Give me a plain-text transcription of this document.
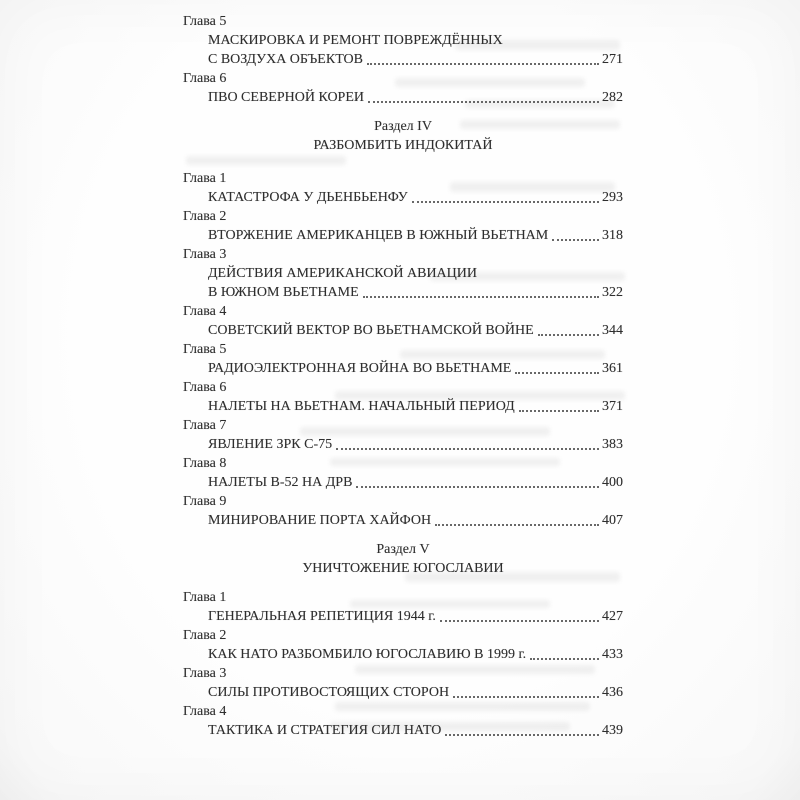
Глава 5
МАСКИРОВКА И РЕМОНТ ПОВРЕЖДЁННЫХ
С ВОЗДУХА ОБЪЕКТОВ	271
Глава 6
ПВО СЕВЕРНОЙ КОРЕИ	282
Раздел IV
РАЗБОМБИТЬ ИНДОКИТАЙ
Глава 1
КАТАСТРОФА У ДЬЕНБЬЕНФУ	293
Глава 2
ВТОРЖЕНИЕ АМЕРИКАНЦЕВ В ЮЖНЫЙ ВЬЕТНАМ	318
Глава 3
ДЕЙСТВИЯ АМЕРИКАНСКОЙ АВИАЦИИ
В ЮЖНОМ ВЬЕТНАМЕ	322
Глава 4
СОВЕТСКИЙ ВЕКТОР ВО ВЬЕТНАМСКОЙ ВОЙНЕ	344
Глава 5
РАДИОЭЛЕКТРОННАЯ ВОЙНА ВО ВЬЕТНАМЕ	361
Глава 6
НАЛЕТЫ НА ВЬЕТНАМ. НАЧАЛЬНЫЙ ПЕРИОД	371
Глава 7
ЯВЛЕНИЕ ЗРК С-75	383
Глава 8
НАЛЕТЫ В-52 НА ДРВ	400
Глава 9
МИНИРОВАНИЕ ПОРТА ХАЙФОН	407
Раздел V
УНИЧТОЖЕНИЕ ЮГОСЛАВИИ
Глава 1
ГЕНЕРАЛЬНАЯ РЕПЕТИЦИЯ 1944 г.	427
Глава 2
КАК НАТО РАЗБОМБИЛО ЮГОСЛАВИЮ В 1999 г.	433
Глава 3
СИЛЫ ПРОТИВОСТОЯЩИХ СТОРОН	436
Глава 4
ТАКТИКА И СТРАТЕГИЯ СИЛ НАТО	439
